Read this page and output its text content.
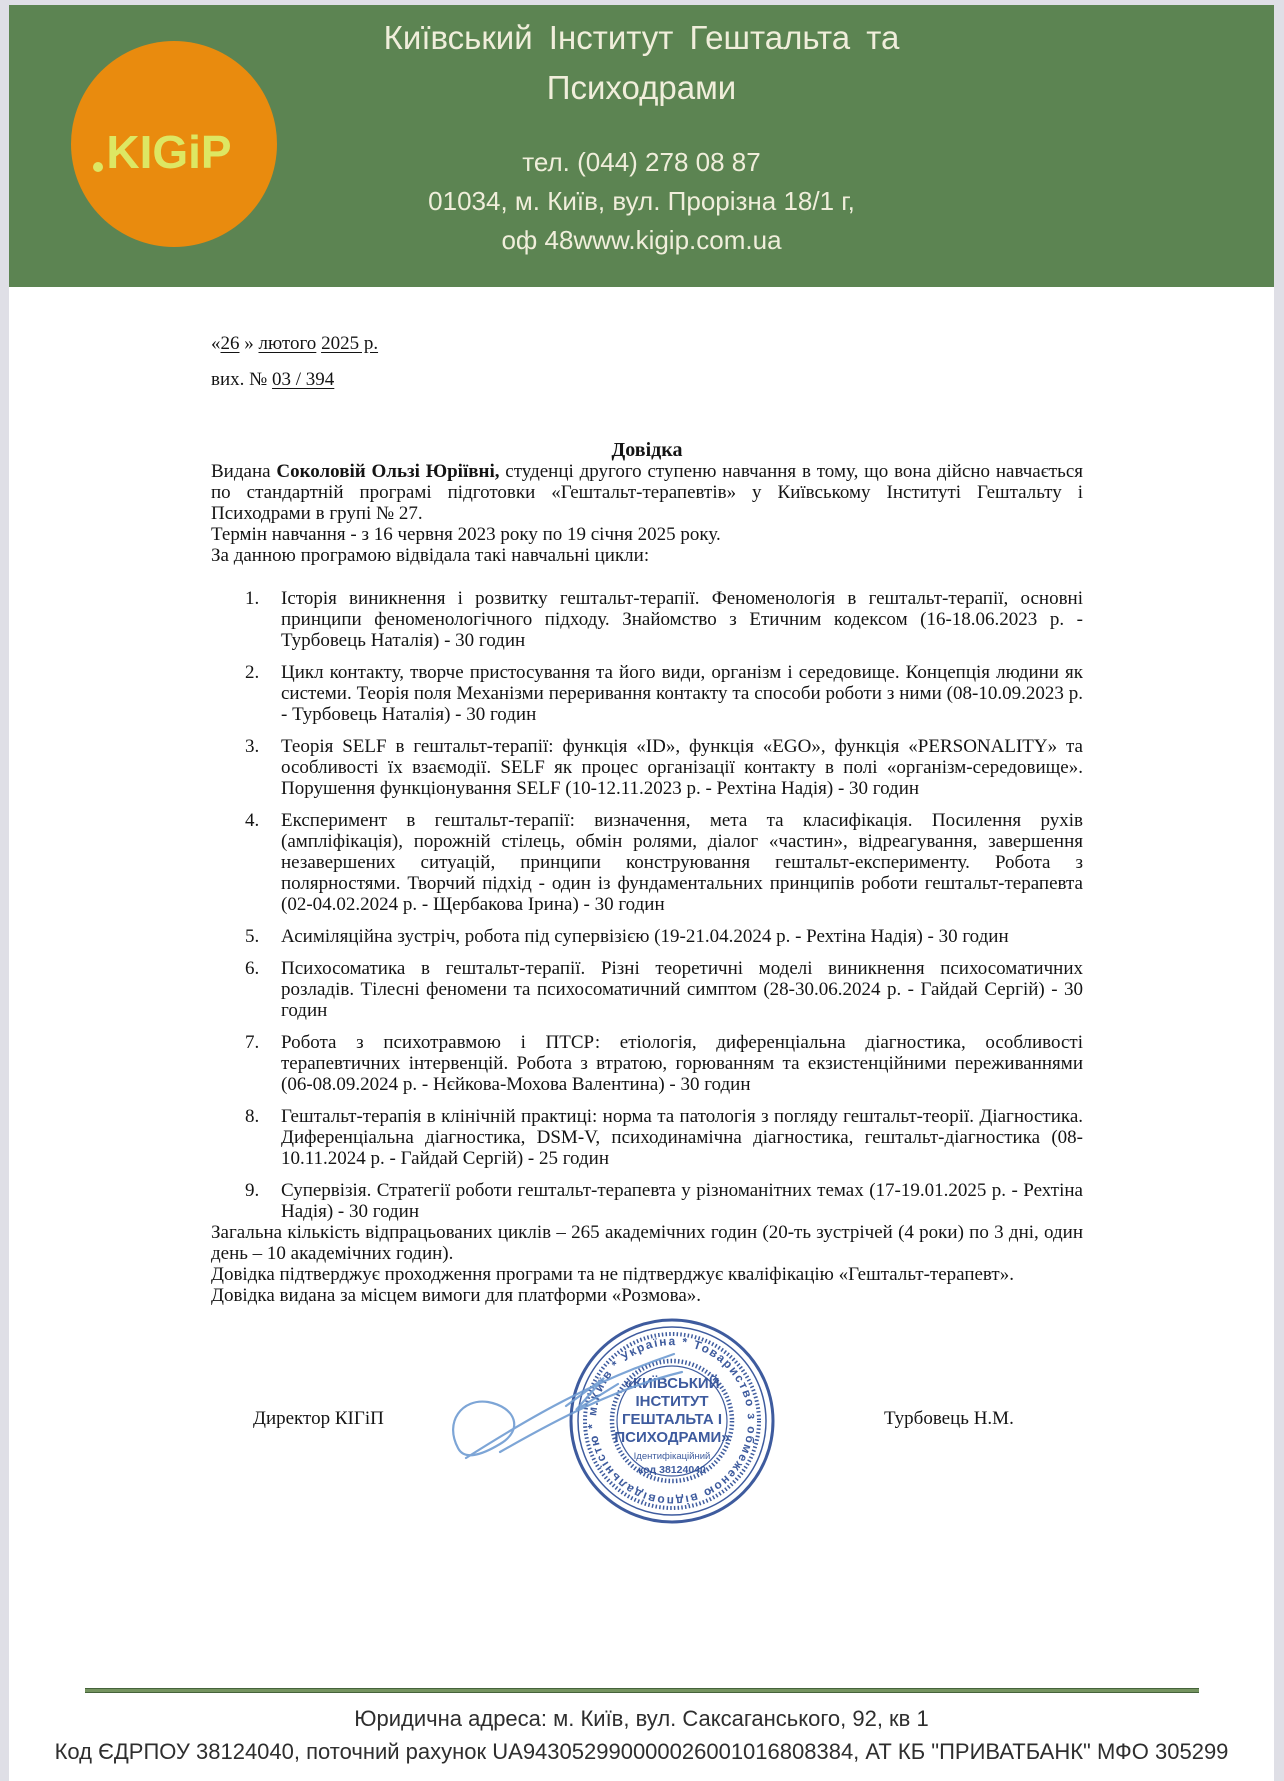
KIGiP
Київський Інститут Гештальта та
Психодрами
тел. (044) 278 08 87
01034, м. Київ, вул. Прорізна 18/1 г,
оф 48www.kigip.com.ua
«26 » лютого 2025 р.
вих. № 03 / 394

Довідка

Видана Соколовій Ользі Юріївні, студенці другого ступеню навчання в тому, що вона дійсно навчається по стандартній програмі підготовки «Гештальт-терапевтів» у Київському Інституті Гештальту і Психодрами в групі № 27.

Термін навчання - з 16 червня 2023 року по 19 січня 2025 року.

За данною програмою відвідала такі навчальні цикли:

Історія виникнення і розвитку гештальт-терапії. Феноменологія в гештальт-терапії, основні принципи феноменологічного підходу. Знайомство з Етичним кодексом (16-18.06.2023 р. - Турбовець Наталія) - 30 годин
Цикл контакту, творче пристосування та його види, організм і середовище. Концепція людини як системи. Теорія поля Механізми переривання контакту та способи роботи з ними (08-10.09.2023 р. - Турбовець Наталія) - 30 годин
Теорія SELF в гештальт-терапії: функція «ID», функція «EGO», функція «PERSONALITY» та особливості їх взаємодії. SELF як процес організації контакту в полі «організм-середовище». Порушення функціонування SELF (10-12.11.2023 р. - Рехтіна Надія) - 30 годин
Експеримент в гештальт-терапії: визначення, мета та класифікація. Посилення рухів (ампліфікація), порожній стілець, обмін ролями, діалог «частин», відреагування, завершення незавершених ситуацій, принципи конструювання гештальт-експерименту. Робота з полярностями. Творчий підхід - один із фундаментальних принципів роботи гештальт-терапевта (02-04.02.2024 р. - Щербакова Ірина) - 30 годин
Асиміляційна зустріч, робота під супервізією (19-21.04.2024 р. - Рехтіна Надія) - 30 годин
Психосоматика в гештальт-терапії. Різні теоретичні моделі виникнення психосоматичних розладів. Тілесні феномени та психосоматичний симптом (28-30.06.2024 р. - Гайдай Сергій) - 30 годин
Робота з психотравмою і ПТСР: етіологія, диференціальна діагностика, особливості терапевтичних інтервенцій. Робота з втратою, горюванням та екзистенційними переживаннями (06-08.09.2024 р. - Нєйкова-Мохова Валентина) - 30 годин
Гештальт-терапія в клінічній практиці: норма та патологія з погляду гештальт-теорії. Діагностика. Диференціальна діагностика, DSM-V, психодинамічна діагностика, гештальт-діагностика (08-10.11.2024 р. - Гайдай Сергій) - 25 годин
Супервізія. Стратегії роботи гештальт-терапевта у різноманітних темах (17-19.01.2025 р. - Рехтіна Надія) - 30 годин

Загальна кількість відпрацьованих циклів – 265 академічних годин (20-ть зустрічей (4 роки) по 3 дні, один день – 10 академічних годин).

Довідка підтверджує проходження програми та не підтверджує кваліфікацію «Гештальт-терапевт».

Довідка видана за місцем вимоги для платформи «Розмова».

Директор КІГіП	Турбовець Н.М.
м.Київ * Україна * Товариство з обмеженою відповідальністю *
«КИЇВСЬКИЙ
ІНСТИТУТ
ГЕШТАЛЬТА І
ПСИХОДРАМИ»
Ідентифікаційний
код 38124040

Юридична адреса: м. Київ, вул. Саксаганського, 92, кв 1

Код ЄДРПОУ 38124040, поточний рахунок UA943052990000026001016808384, АТ КБ "ПРИВАТБАНК" МФО 305299
